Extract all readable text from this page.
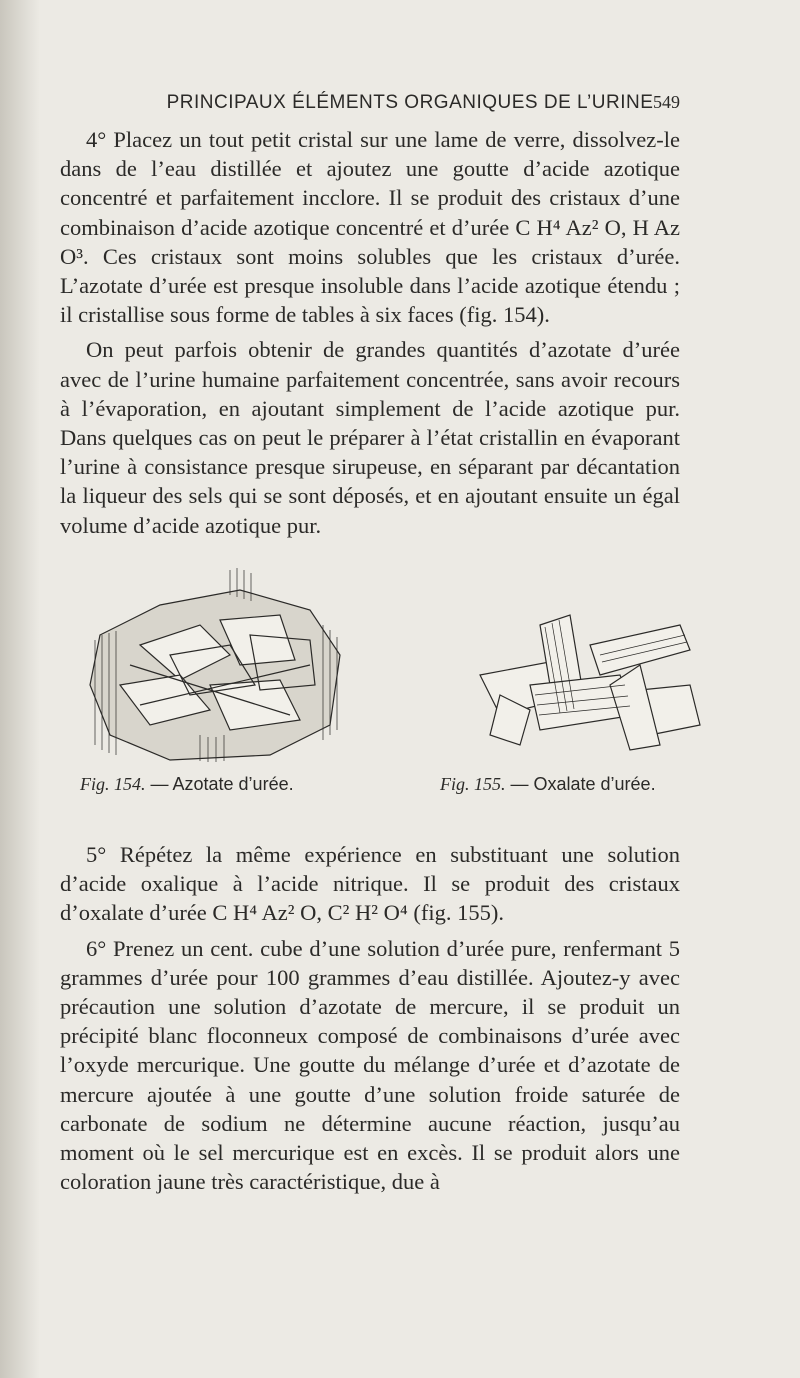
PRINCIPAUX ÉLÉMENTS ORGANIQUES DE L’URINE 549

4° Placez un tout petit cristal sur une lame de verre, dissolvez-le dans de l’eau distillée et ajoutez une goutte d’acide azotique concentré et parfaitement incclore. Il se produit des cristaux d’une combinaison d’acide azotique concentré et d’urée C H⁴ Az² O, H Az O³. Ces cristaux sont moins solubles que les cristaux d’urée. L’azotate d’urée est presque insoluble dans l’acide azotique étendu ; il cristallise sous forme de tables à six faces (fig. 154).

On peut parfois obtenir de grandes quantités d’azotate d’urée avec de l’urine humaine parfaitement concentrée, sans avoir recours à l’évaporation, en ajoutant simplement de l’acide azotique pur. Dans quelques cas on peut le préparer à l’état cristallin en évaporant l’urine à consistance presque sirupeuse, en séparant par décantation la liqueur des sels qui se sont déposés, et en ajoutant ensuite un égal volume d’acide azotique pur.

Fig. 154. — Azotate d’urée.	Fig. 155. — Oxalate d’urée.

5° Répétez la même expérience en substituant une solution d’acide oxalique à l’acide nitrique. Il se produit des cristaux d’oxalate d’urée C H⁴ Az² O, C² H² O⁴ (fig. 155).

6° Prenez un cent. cube d’une solution d’urée pure, renfermant 5 grammes d’urée pour 100 grammes d’eau distillée. Ajoutez-y avec précaution une solution d’azotate de mercure, il se produit un précipité blanc floconneux composé de combinaisons d’urée avec l’oxyde mercurique. Une goutte du mélange d’urée et d’azotate de mercure ajoutée à une goutte d’une solution froide saturée de carbonate de sodium ne détermine aucune réaction, jusqu’au moment où le sel mercurique est en excès. Il se produit alors une coloration jaune très caractéristique, due à
